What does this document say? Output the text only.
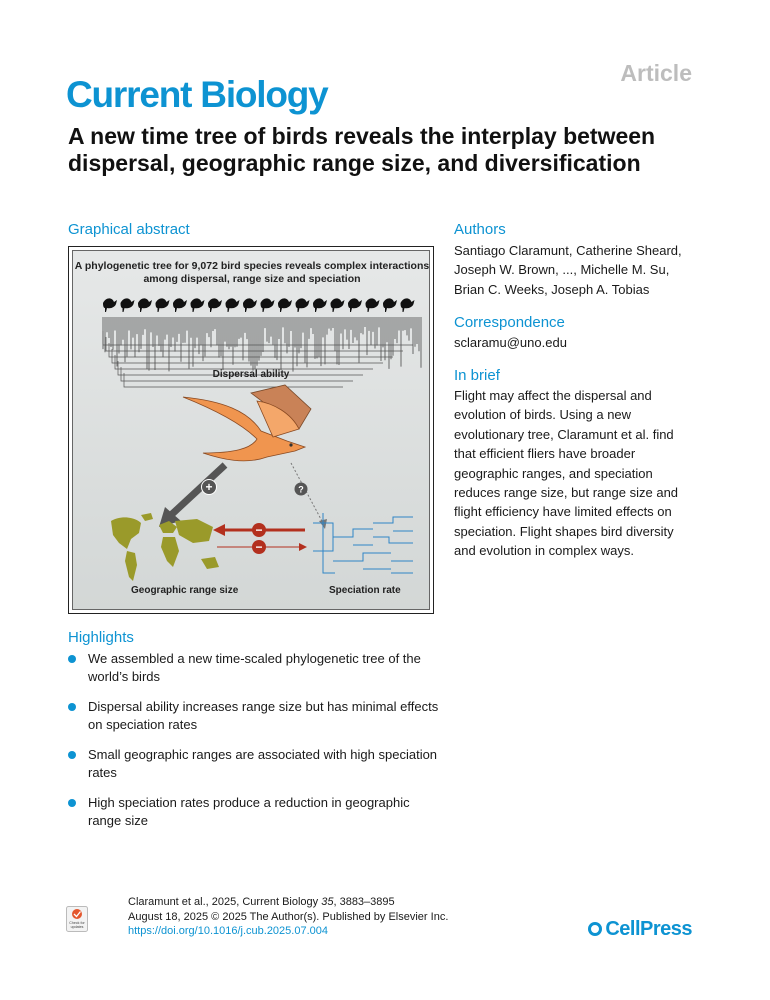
Article
Current Biology
A new time tree of birds reveals the interplay between dispersal, geographic range size, and diversification
Graphical abstract
A phylogenetic tree for 9,072 bird species reveals complex interactions
among dispersal, range size and speciation
Dispersal ability
+	?
−
−
Geographic range size	Speciation rate
Authors
Santiago Claramunt, Catherine Sheard,
Joseph W. Brown, ..., Michelle M. Su,
Brian C. Weeks, Joseph A. Tobias
Correspondence
sclaramu@uno.edu
In brief
Flight may affect the dispersal and
evolution of birds. Using a new
evolutionary tree, Claramunt et al. find
that efficient fliers have broader
geographic ranges, and speciation
reduces range size, but range size and
flight efficiency have limited effects on
speciation. Flight shapes bird diversity
and evolution in complex ways.
Highlights
We assembled a new time-scaled phylogenetic tree of the
world’s birds
Dispersal ability increases range size but has minimal effects
on speciation rates
Small geographic ranges are associated with high speciation
rates
High speciation rates produce a reduction in geographic
range size
Check for
updates
Claramunt et al., 2025, Current Biology 35, 3883–3895
August 18, 2025 © 2025 The Author(s). Published by Elsevier Inc.
https://doi.org/10.1016/j.cub.2025.07.004	CellPress
